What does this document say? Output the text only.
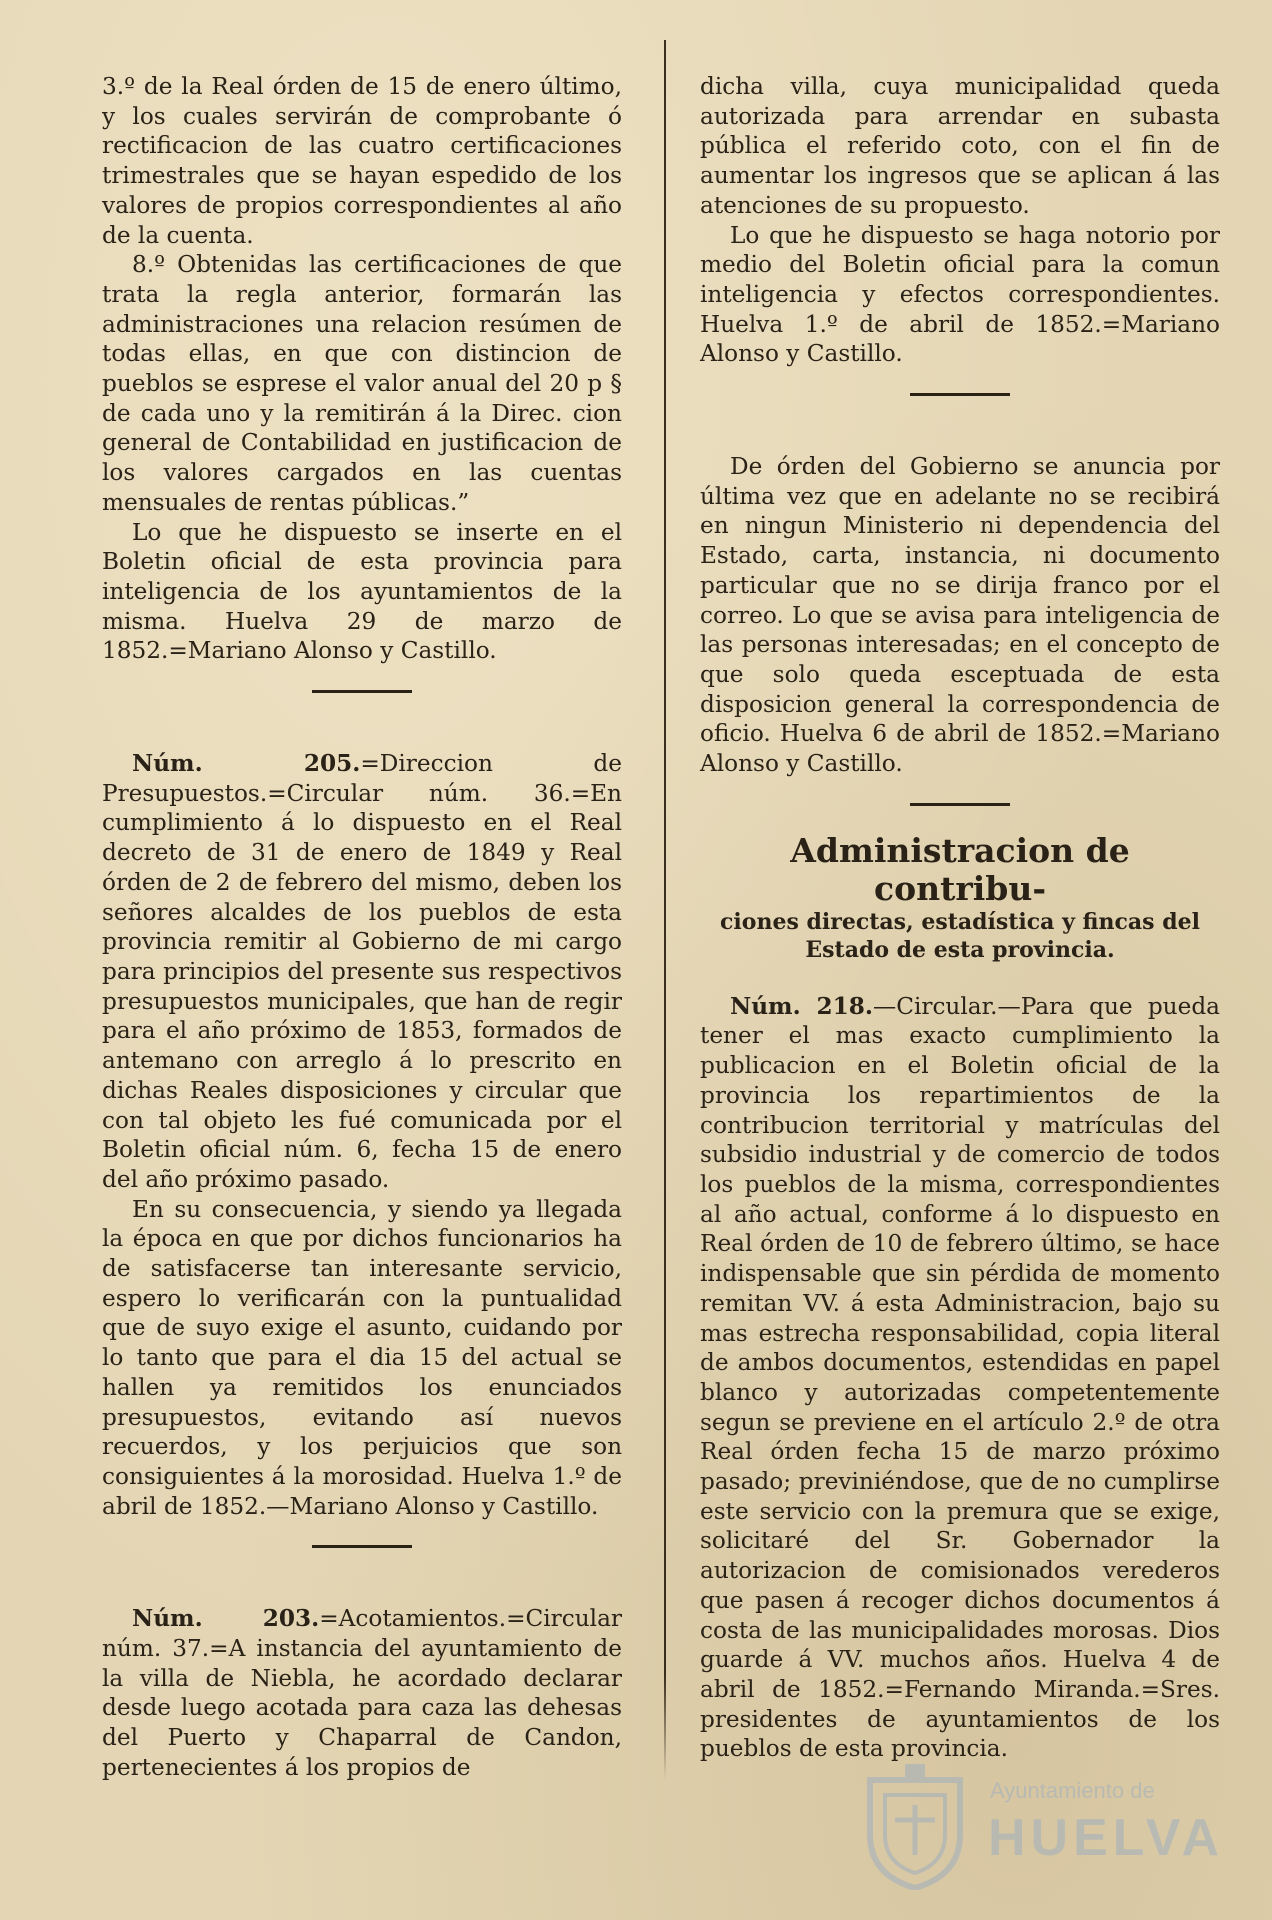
3.º de la Real órden de 15 de enero último, y los cuales servirán de comprobante ó rectificacion de las cuatro certificaciones trimestrales que se hayan espedido de los valores de propios correspondientes al año de la cuenta.

8.º Obtenidas las certificaciones de que trata la regla anterior, formarán las administraciones una relacion resúmen de todas ellas, en que con distincion de pueblos se esprese el valor anual del 20 p § de cada uno y la remitirán á la Direc. cion general de Contabilidad en justificacion de los valores cargados en las cuentas mensuales de rentas públicas.”

Lo que he dispuesto se inserte en el Boletin oficial de esta provincia para inteligencia de los ayuntamientos de la misma. Huelva 29 de marzo de 1852.=Mariano Alonso y Castillo.

Núm. 205.=Direccion de Presupuestos.=Circular núm. 36.=En cumplimiento á lo dispuesto en el Real decreto de 31 de enero de 1849 y Real órden de 2 de febrero del mismo, deben los señores alcaldes de los pueblos de esta provincia remitir al Gobierno de mi cargo para principios del presente sus respectivos presupuestos municipales, que han de regir para el año próximo de 1853, formados de antemano con arreglo á lo prescrito en dichas Reales disposiciones y circular que con tal objeto les fué comunicada por el Boletin oficial núm. 6, fecha 15 de enero del año próximo pasado.

En su consecuencia, y siendo ya llegada la época en que por dichos funcionarios ha de satisfacerse tan interesante servicio, espero lo verificarán con la puntualidad que de suyo exige el asunto, cuidando por lo tanto que para el dia 15 del actual se hallen ya remitidos los enunciados presupuestos, evitando así nuevos recuerdos, y los perjuicios que son consiguientes á la morosidad. Huelva 1.º de abril de 1852.—Mariano Alonso y Castillo.

Núm. 203.=Acotamientos.=Circular núm. 37.=A instancia del ayuntamiento de la villa de Niebla, he acordado declarar desde luego acotada para caza las dehesas del Puerto y Chaparral de Candon, pertenecientes á los propios de

dicha villa, cuya municipalidad queda autorizada para arrendar en subasta pública el referido coto, con el fin de aumentar los ingresos que se aplican á las atenciones de su propuesto.

Lo que he dispuesto se haga notorio por medio del Boletin oficial para la comun inteligencia y efectos correspondientes. Huelva 1.º de abril de 1852.=Mariano Alonso y Castillo.

De órden del Gobierno se anuncia por última vez que en adelante no se recibirá en ningun Ministerio ni dependencia del Estado, carta, instancia, ni documento particular que no se dirija franco por el correo. Lo que se avisa para inteligencia de las personas interesadas; en el concepto de que solo queda esceptuada de esta disposicion general la correspondencia de oficio. Huelva 6 de abril de 1852.=Mariano Alonso y Castillo.

Administracion de contribu-
ciones directas, estadística y fincas del Estado de esta provincia.

Núm. 218.—Circular.—Para que pueda tener el mas exacto cumplimiento la publicacion en el Boletin oficial de la provincia los repartimientos de la contribucion territorial y matrículas del subsidio industrial y de comercio de todos los pueblos de la misma, correspondientes al año actual, conforme á lo dispuesto en Real órden de 10 de febrero último, se hace indispensable que sin pérdida de momento remitan VV. á esta Administracion, bajo su mas estrecha responsabilidad, copia literal de ambos documentos, estendidas en papel blanco y autorizadas competentemente segun se previene en el artículo 2.º de otra Real órden fecha 15 de marzo próximo pasado; previniéndose, que de no cumplirse este servicio con la premura que se exige, solicitaré del Sr. Gobernador la autorizacion de comisionados verederos que pasen á recoger dichos documentos á costa de las municipalidades morosas. Dios guarde á VV. muchos años. Huelva 4 de abril de 1852.=Fernando Miranda.=Sres. presidentes de ayuntamientos de los pueblos de esta provincia.

Ayuntamiento de
HUELVA
